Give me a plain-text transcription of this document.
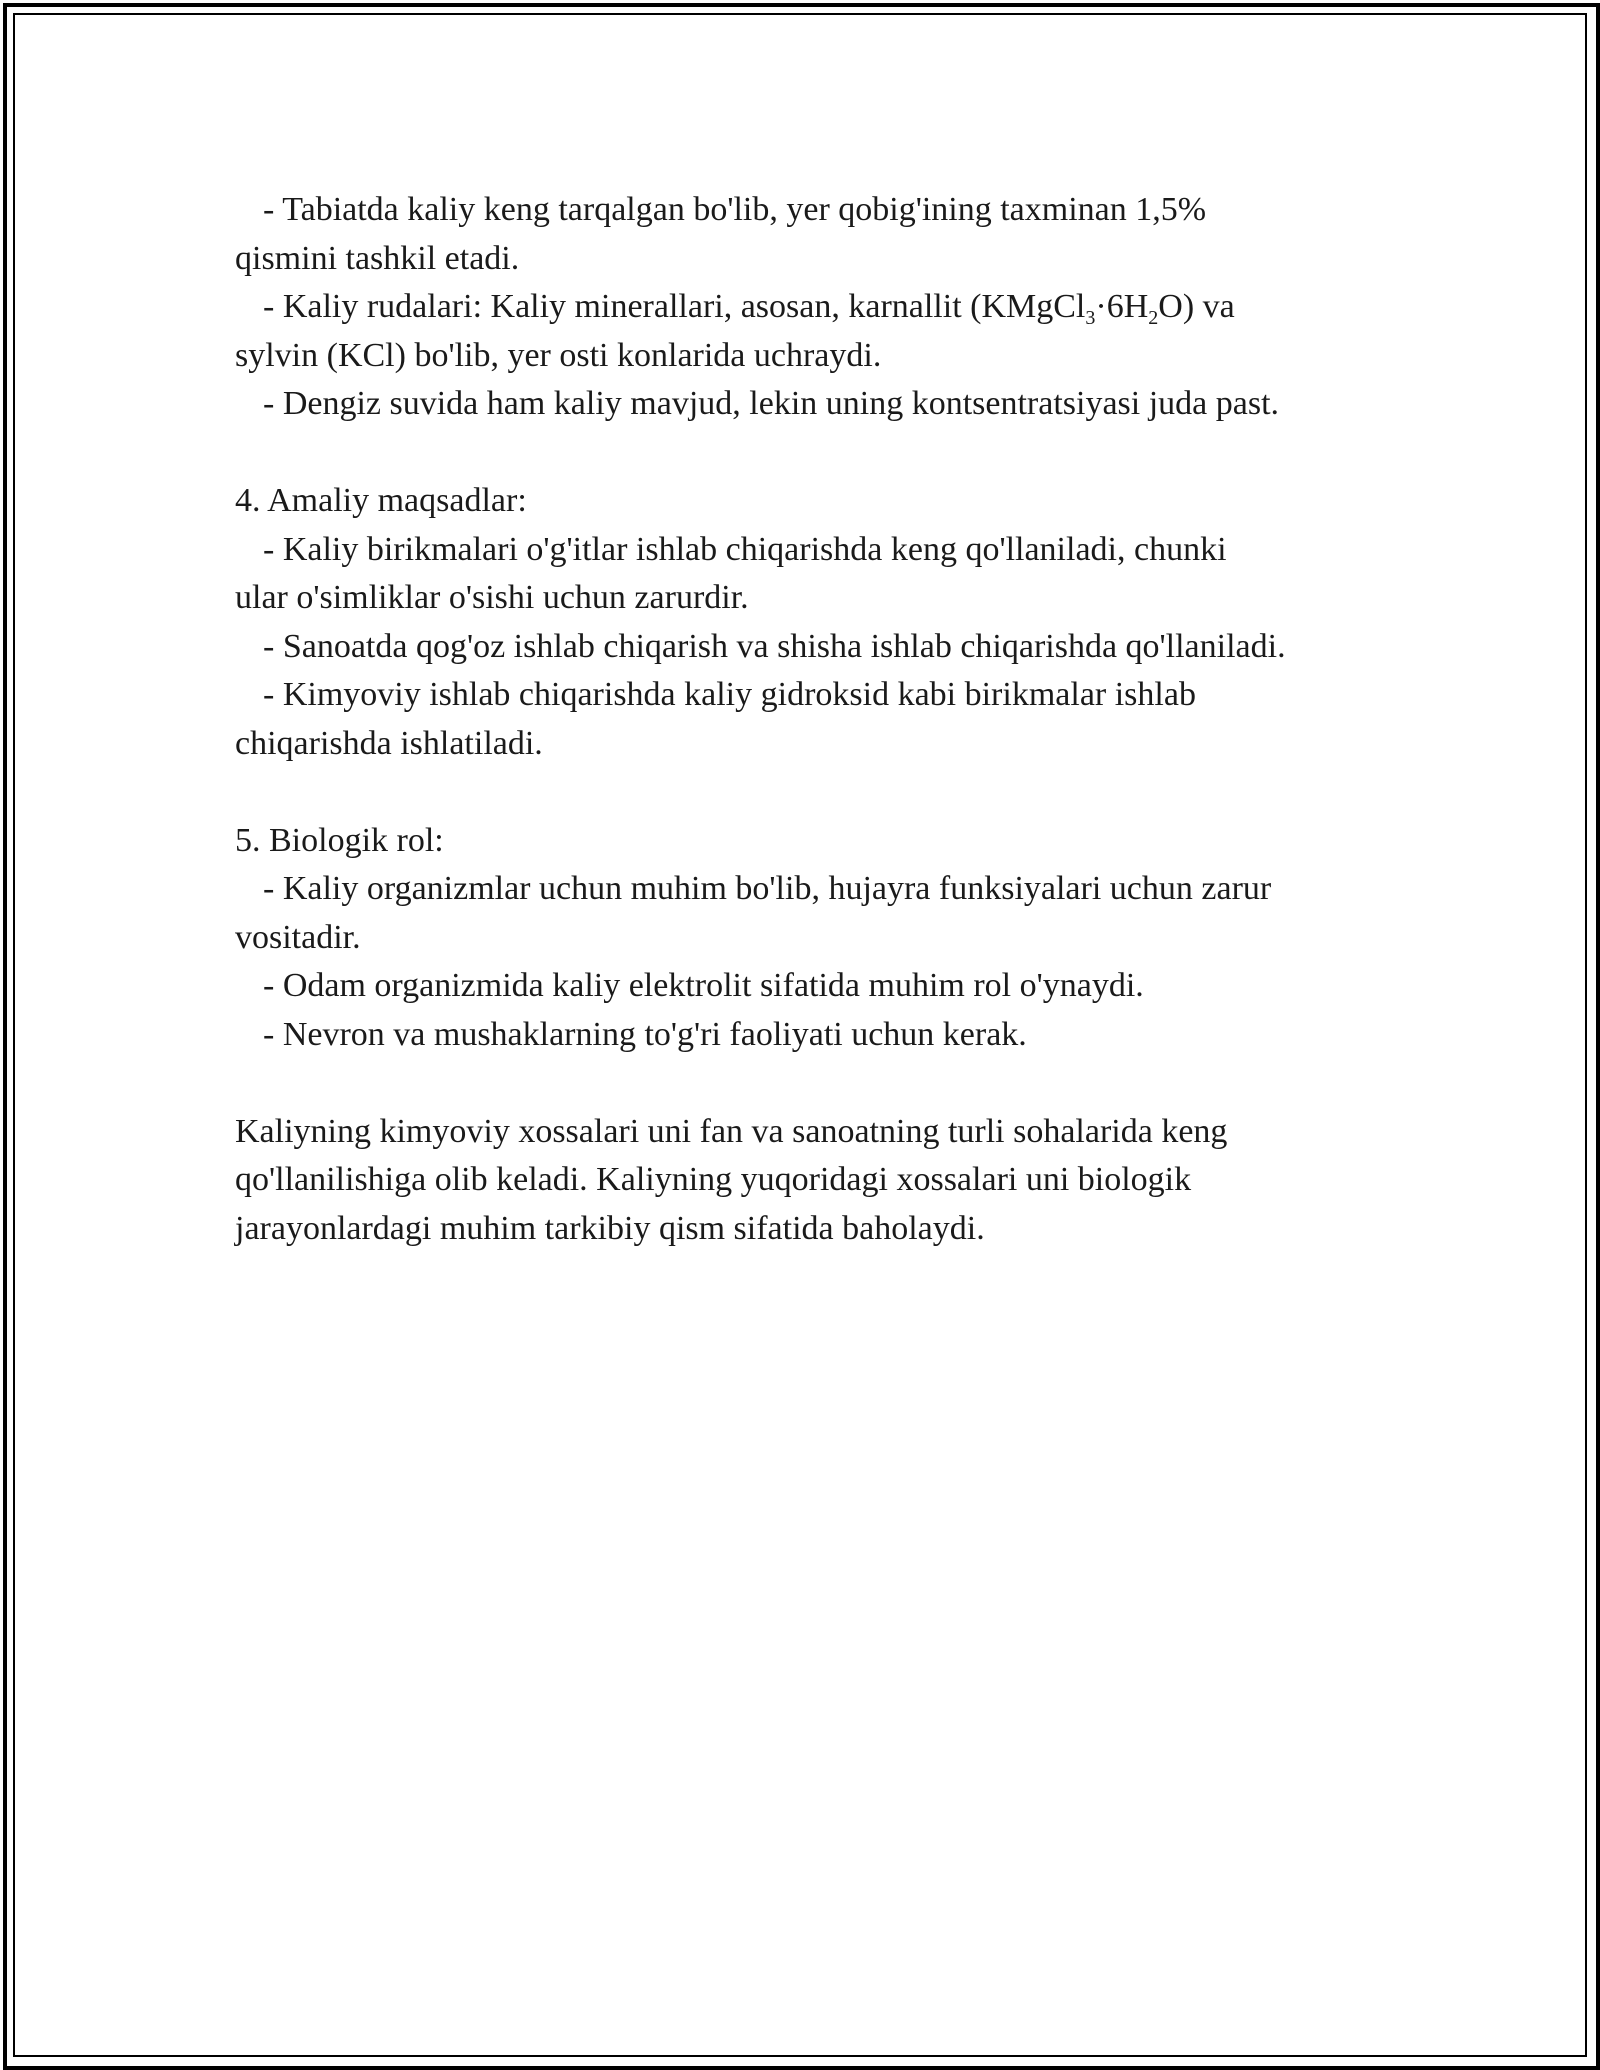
- Tabiatda kaliy keng tarqalgan bo'lib, yer qobig'ining taxminan 1,5%
qismini tashkil etadi.
- Kaliy rudalari: Kaliy minerallari, asosan, karnallit $(KMgCl_3\cdot 6H_2O)$ va
sylvin (KCl) bo'lib, yer osti konlarida uchraydi.
- Dengiz suvida ham kaliy mavjud, lekin uning kontsentratsiyasi juda past.
4. Amaliy maqsadlar:
- Kaliy birikmalari o'g'itlar ishlab chiqarishda keng qo'llaniladi, chunki
ular o'simliklar o'sishi uchun zarurdir.
- Sanoatda qog'oz ishlab chiqarish va shisha ishlab chiqarishda qo'llaniladi.
- Kimyoviy ishlab chiqarishda kaliy gidroksid kabi birikmalar ishlab
chiqarishda ishlatiladi.
5. Biologik rol:
- Kaliy organizmlar uchun muhim bo'lib, hujayra funksiyalari uchun zarur
vositadir.
- Odam organizmida kaliy elektrolit sifatida muhim rol o'ynaydi.
- Nevron va mushaklarning to'g'ri faoliyati uchun kerak.
Kaliyning kimyoviy xossalari uni fan va sanoatning turli sohalarida keng
qo'llanilishiga olib keladi. Kaliyning yuqoridagi xossalari uni biologik
jarayonlardagi muhim tarkibiy qism sifatida baholaydi.
